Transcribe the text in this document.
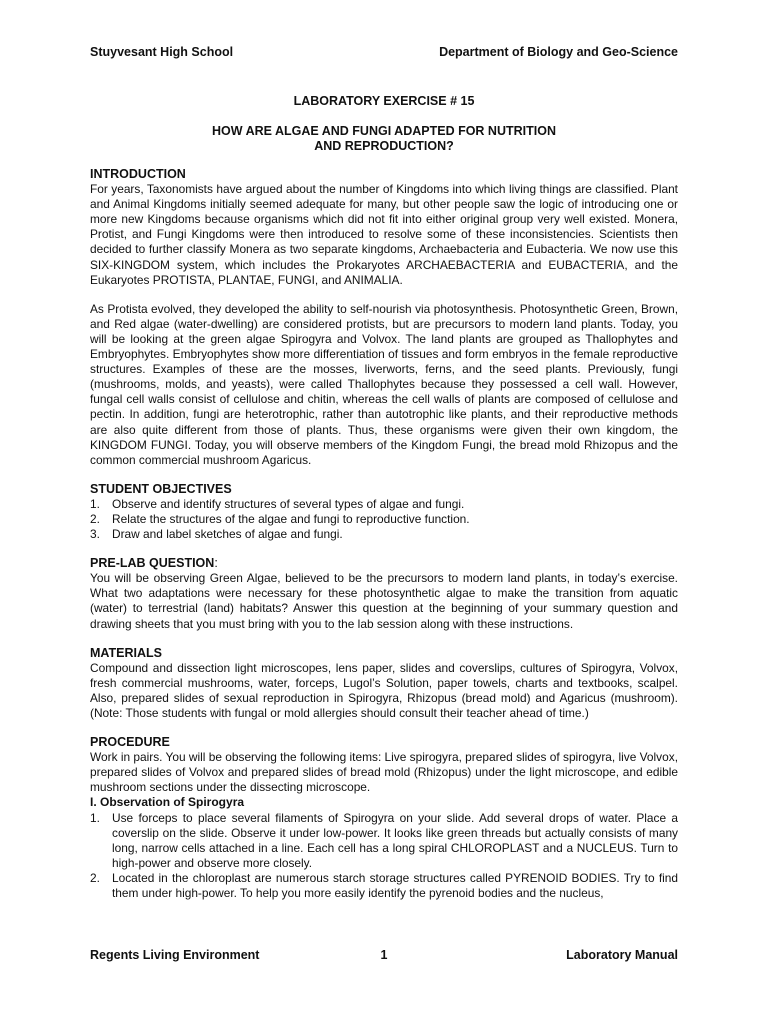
Stuyvesant High School	Department of Biology and Geo-Science
LABORATORY EXERCISE # 15
HOW ARE ALGAE AND FUNGI ADAPTED FOR NUTRITION
AND REPRODUCTION?

INTRODUCTION

For years, Taxonomists have argued about the number of Kingdoms into which living things are classified. Plant and Animal Kingdoms initially seemed adequate for many, but other people saw the logic of introducing one or more new Kingdoms because organisms which did not fit into either original group very well existed. Monera, Protist, and Fungi Kingdoms were then introduced to resolve some of these inconsistencies. Scientists then decided to further classify Monera as two separate kingdoms, Archaebacteria and Eubacteria. We now use this SIX-KINGDOM system, which includes the Prokaryotes ARCHAEBACTERIA and EUBACTERIA, and the Eukaryotes PROTISTA, PLANTAE, FUNGI, and ANIMALIA.

As Protista evolved, they developed the ability to self-nourish via photosynthesis. Photosynthetic Green, Brown, and Red algae (water-dwelling) are considered protists, but are precursors to modern land plants. Today, you will be looking at the green algae Spirogyra and Volvox. The land plants are grouped as Thallophytes and Embryophytes. Embryophytes show more differentiation of tissues and form embryos in the female reproductive structures. Examples of these are the mosses, liverworts, ferns, and the seed plants. Previously, fungi (mushrooms, molds, and yeasts), were called Thallophytes because they possessed a cell wall. However, fungal cell walls consist of cellulose and chitin, whereas the cell walls of plants are composed of cellulose and pectin. In addition, fungi are heterotrophic, rather than autotrophic like plants, and their reproductive methods are also quite different from those of plants. Thus, these organisms were given their own kingdom, the KINGDOM FUNGI. Today, you will observe members of the Kingdom Fungi, the bread mold Rhizopus and the common commercial mushroom Agaricus.

STUDENT OBJECTIVES

1.	Observe and identify structures of several types of algae and fungi.
2.	Relate the structures of the algae and fungi to reproductive function.
3.	Draw and label sketches of algae and fungi.

PRE-LAB QUESTION:

You will be observing Green Algae, believed to be the precursors to modern land plants, in today’s exercise. What two adaptations were necessary for these photosynthetic algae to make the transition from aquatic (water) to terrestrial (land) habitats? Answer this question at the beginning of your summary question and drawing sheets that you must bring with you to the lab session along with these instructions.

MATERIALS

Compound and dissection light microscopes, lens paper, slides and coverslips, cultures of Spirogyra, Volvox, fresh commercial mushrooms, water, forceps, Lugol’s Solution, paper towels, charts and textbooks, scalpel. Also, prepared slides of sexual reproduction in Spirogyra, Rhizopus (bread mold) and Agaricus (mushroom). (Note: Those students with fungal or mold allergies should consult their teacher ahead of time.)

PROCEDURE

Work in pairs. You will be observing the following items: Live spirogyra, prepared slides of spirogyra, live Volvox, prepared slides of Volvox and prepared slides of bread mold (Rhizopus) under the light microscope, and edible mushroom sections under the dissecting microscope.

I. Observation of Spirogyra

1.	Use forceps to place several filaments of Spirogyra on your slide. Add several drops of water. Place a coverslip on the slide. Observe it under low-power. It looks like green threads but actually consists of many long, narrow cells attached in a line. Each cell has a long spiral CHLOROPLAST and a NUCLEUS. Turn to high-power and observe more closely.
2.	Located in the chloroplast are numerous starch storage structures called PYRENOID BODIES. Try to find them under high-power. To help you more easily identify the pyrenoid bodies and the nucleus,
Regents Living Environment	1	Laboratory Manual
